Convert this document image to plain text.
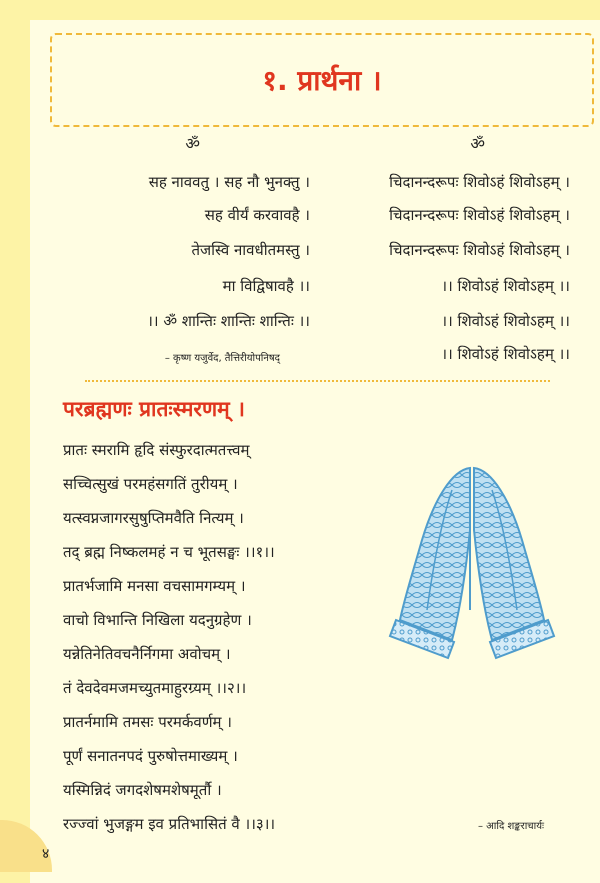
१. प्रार्थना ।
ॐ
सह नाववतु । सह नौ भुनक्तु ।
सह वीर्यं करवावहै ।
तेजस्वि नावधीतमस्तु ।
मा विद्विषावहै ।।
।। ॐ शान्तिः शान्तिः शान्तिः ।।
– कृष्ण यजुर्वेद, तैत्तिरीयोपनिषद्
ॐ
चिदानन्दरूपः शिवोऽहं शिवोऽहम् ।
चिदानन्दरूपः शिवोऽहं शिवोऽहम् ।
चिदानन्दरूपः शिवोऽहं शिवोऽहम् ।
।। शिवोऽहं शिवोऽहम् ।।
।। शिवोऽहं शिवोऽहम् ।।
।। शिवोऽहं शिवोऽहम् ।।
परब्रह्मणः प्रातःस्मरणम् ।
प्रातः स्मरामि हृदि संस्फुरदात्मतत्त्वम्
सच्चित्सुखं परमहंसगतिं तुरीयम् ।
यत्स्वप्नजागरसुषुप्तिमवैति नित्यम् ।
तद् ब्रह्म निष्कलमहं न च भूतसङ्घः ।।१।।
प्रातर्भजामि मनसा वचसामगम्यम् ।
वाचो विभान्ति निखिला यदनुग्रहेण ।
यन्नेतिनेतिवचनैर्निगमा अवोचम् ।
तं देवदेवमजमच्युतमाहुरग्र्यम् ।।२।।
प्रातर्नमामि तमसः परमर्कवर्णम् ।
पूर्णं सनातनपदं पुरुषोत्तमाख्यम् ।
यस्मिन्निदं जगदशेषमशेषमूर्तौ ।
रज्ज्वां भुजङ्गम इव प्रतिभासितं वै ।।३।।	– आदि शङ्कराचार्यः
४
